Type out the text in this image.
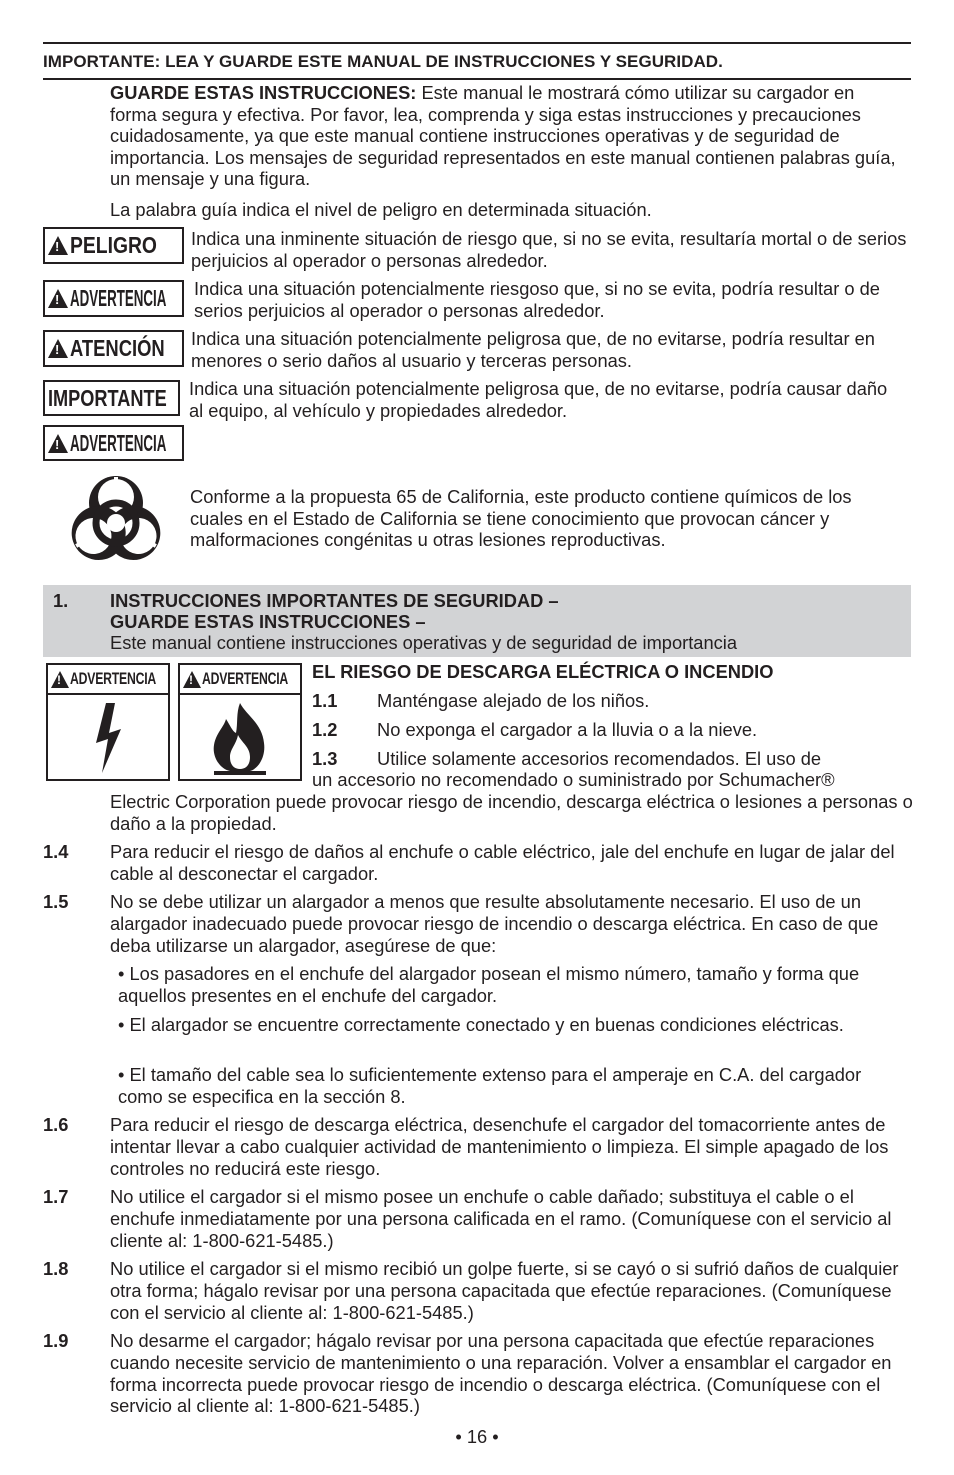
IMPORTANTE: LEA Y GUARDE ESTE MANUAL DE INSTRUCCIONES Y SEGURIDAD.
GUARDE ESTAS INSTRUCCIONES: Este manual le mostrará cómo utilizar su cargador en forma segura y efectiva. Por favor, lea, comprenda y siga estas instrucciones y precauciones cuidadosamente, ya que este manual contiene instrucciones operativas y de seguridad de importancia. Los mensajes de seguridad representados en este manual contienen palabras guía, un mensaje y una figura.
La palabra guía indica el nivel de peligro en determinada situación.
!
PELIGRO Indica una inminente situación de riesgo que, si no se evita, resultaría mortal o de serios perjuicios al operador o personas alrededor.
!
ADVERTENCIA Indica una situación potencialmente riesgoso que, si no se evita, podría resultar o de serios perjuicios al operador o personas alrededor.
!
ATENCIÓN Indica una situación potencialmente peligrosa que, de no evitarse, podría resultar en menores o serio daños al usuario y terceras personas.
IMPORTANTE Indica una situación potencialmente peligrosa que, de no evitarse, podría causar daño al equipo, al vehículo y propiedades alrededor.
!
ADVERTENCIA
Conforme a la propuesta 65 de California, este producto contiene químicos de los cuales en el Estado de California se tiene conocimiento que provocan cáncer y malformaciones congénitas u otras lesiones reproductivas.
1. INSTRUCCIONES IMPORTANTES DE SEGURIDAD –
GUARDE ESTAS INSTRUCCIONES –
Este manual contiene instrucciones operativas y de seguridad de importancia
!
ADVERTENCIA
!	ADVERTENCIA EL RIESGO DE DESCARGA ELÉCTRICA O INCENDIO
1.1 Manténgase alejado de los niños.
1.2 No exponga el cargador a la lluvia o a la nieve.
1.3 Utilice solamente accesorios recomendados. El uso de
un accesorio no recomendado o suministrado por Schumacher®
Electric Corporation puede provocar riesgo de incendio, descarga eléctrica o lesiones a personas o daño a la propiedad.
1.4 Para reducir el riesgo de daños al enchufe o cable eléctrico, jale del enchufe en lugar de jalar del cable al desconectar el cargador.
1.5 No se debe utilizar un alargador a menos que resulte absolutamente necesario. El uso de un alargador inadecuado puede provocar riesgo de incendio o descarga eléctrica. En caso de que deba utilizarse un alargador, asegúrese de que:
• Los pasadores en el enchufe del alargador posean el mismo número, tamaño y forma que aquellos presentes en el enchufe del cargador.
• El alargador se encuentre correctamente conectado y en buenas condiciones eléctricas.
• El tamaño del cable sea lo suficientemente extenso para el amperaje en C.A. del cargador como se especifica en la sección 8.
1.6 Para reducir el riesgo de descarga eléctrica, desenchufe el cargador del tomacorriente antes de intentar llevar a cabo cualquier actividad de mantenimiento o limpieza. El simple apagado de los controles no reducirá este riesgo.
1.7 No utilice el cargador si el mismo posee un enchufe o cable dañado; substituya el cable o el enchufe inmediatamente por una persona calificada en el ramo. (Comuníquese con el servicio al cliente al: 1-800-621-5485.)
1.8 No utilice el cargador si el mismo recibió un golpe fuerte, si se cayó o si sufrió daños de cualquier otra forma; hágalo revisar por una persona capacitada que efectúe reparaciones. (Comuníquese con el servicio al cliente al: 1-800-621-5485.)
1.9 No desarme el cargador; hágalo revisar por una persona capacitada que efectúe reparaciones cuando necesite servicio de mantenimiento o una reparación. Volver a ensamblar el cargador en forma incorrecta puede provocar riesgo de incendio o descarga eléctrica. (Comuníquese con el servicio al cliente al: 1-800-621-5485.)
• 16 •
